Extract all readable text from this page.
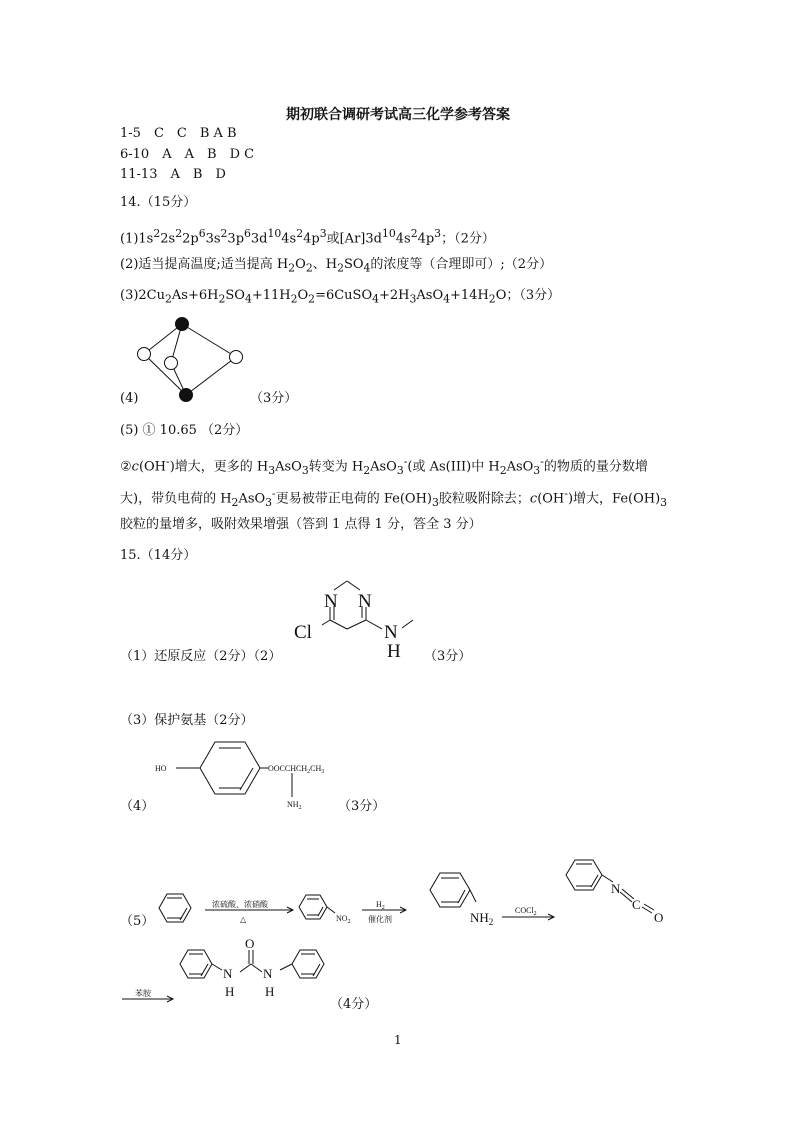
期初联合调研考试高三化学参考答案
1-5　 C　C　B A B
6-10　 A　A　B　D C
11-13　 A　B　D
14.（15分）
$(1)1s^22s^22p^63s^23p^63d^{10}4s^24p^3$或$[Ar]3d^{10}4s^24p^3$；（2分）
(2)适当提高温度;适当提高 $H_2O_2$、$H_2SO_4$的浓度等（合理即可）;（2分）
$(3)2Cu_2As+6H_2SO_4+11H_2O_2=6CuSO_4+2H_3AsO_4+14H_2O$；（3分）
(4)	（3分）
(5) ① 10.65 （2分）
②c(OH-)增大，更多的 $H_3AsO_3$转变为 $H_2AsO_3^-$(或 As(III)中 $H_2AsO_3^-$的物质的量分数增
大)，带负电荷的 $H_2AsO_3^-$更易被带正电荷的 $Fe(OH)_3$胶粒吸附除去；c(OH-)增大，$Fe(OH)_3$
胶粒的量增多，吸附效果增强（答到 1 点得 1 分，答全 3 分）
15.（14分）
N N
Cl	N
H
（1）还原反应（2分）（2）	（3分）
（3）保护氨基（2分）
HO	$OOCCHCH_2CH_3$
$NH_2$
（4）	（3分）
浓硫酸、浓硝酸
△	$NO_2$
$H_2$
催化剂	$NH_2$
COCl$_2$
N
C
O
苯胺
O
N
H
N
H
（5）
（4分）
1
